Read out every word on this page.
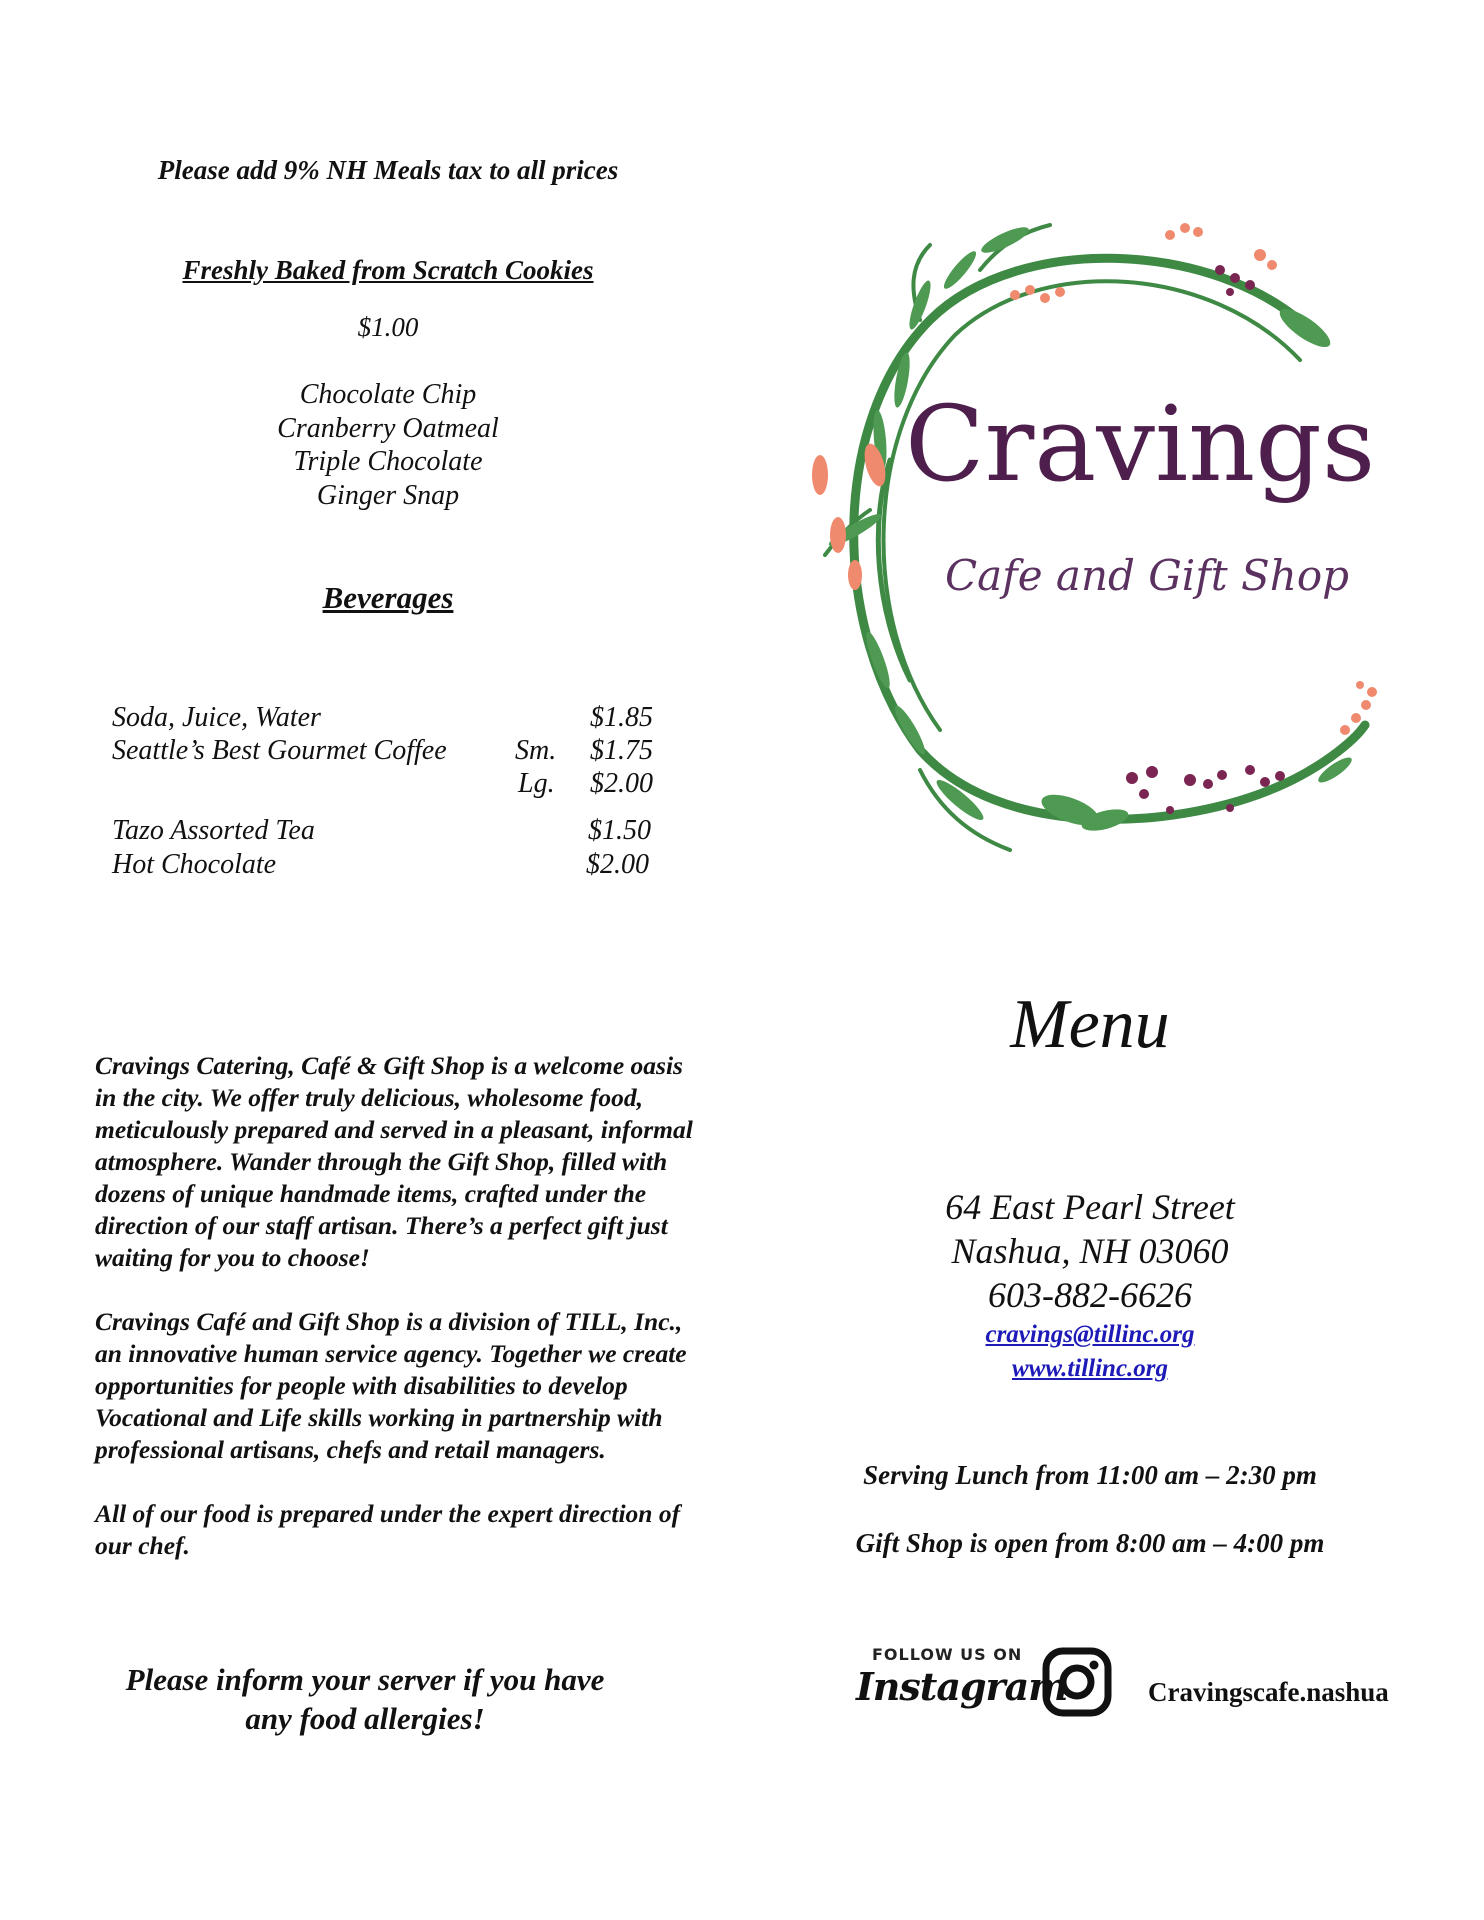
Please add 9% NH Meals tax to all prices
Freshly Baked from Scratch Cookies
$1.00
Chocolate Chip
Cranberry Oatmeal
Triple Chocolate
Ginger Snap
Beverages
Soda, Juice, Water	$1.85
Seattle’s Best Gourmet Coffee Sm. $1.75
Lg. $2.00
Tazo Assorted Tea	$1.50
Hot Chocolate	$2.00

Cravings Catering, Café & Gift Shop is a welcome oasis in the city. We offer truly delicious, wholesome food, meticulously prepared and served in a pleasant, informal atmosphere. Wander through the Gift Shop, filled with dozens of unique handmade items, crafted under the direction of our staff artisan. There’s a perfect gift just waiting for you to choose!

Cravings Café and Gift Shop is a division of TILL, Inc., an innovative human service agency. Together we create opportunities for people with disabilities to develop Vocational and Life skills working in partnership with professional artisans, chefs and retail managers.

All of our food is prepared under the expert direction of our chef.

Please inform your server if you have
any food allergies!
Cravings
Cafe and Gift Shop
Menu
64 East Pearl Street
Nashua, NH 03060
603-882-6626
cravings@tillinc.org
www.tillinc.org
Serving Lunch from 11:00 am – 2:30 pm
Gift Shop is open from 8:00 am – 4:00 pm
FOLLOW US ON
Instagram	Cravingscafe.nashua
